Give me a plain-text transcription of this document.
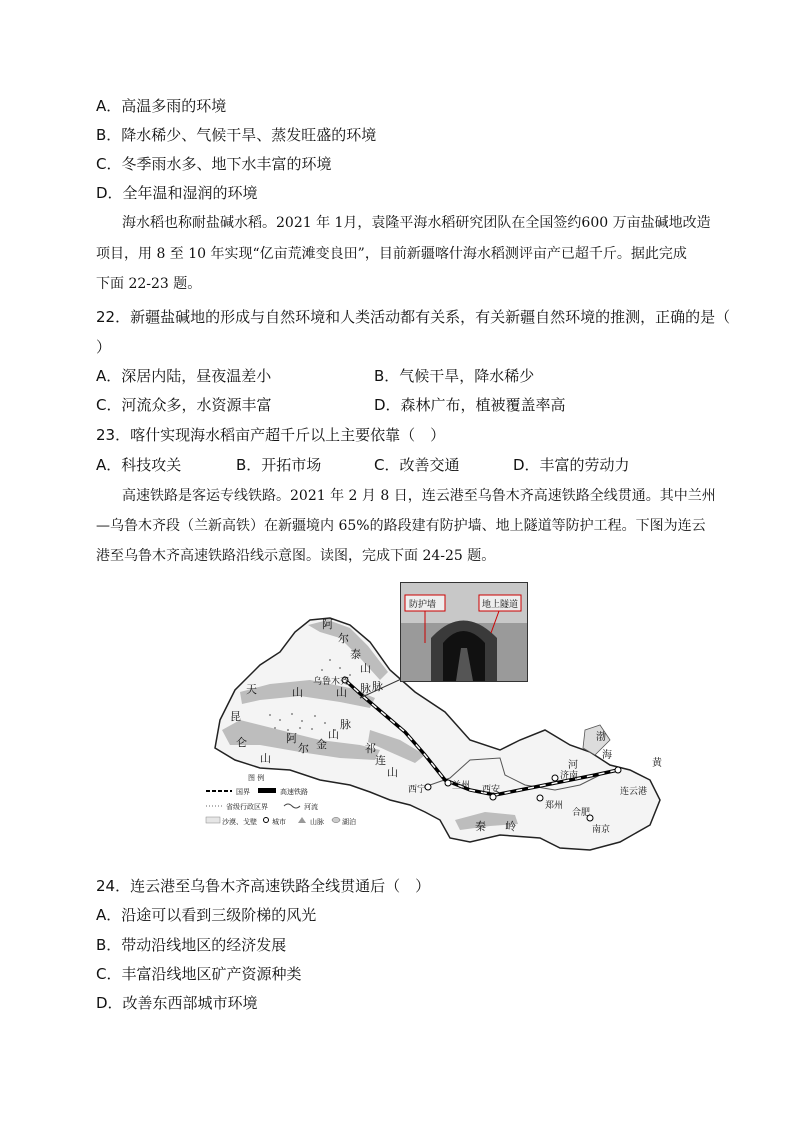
A．高温多雨的环境
B．降水稀少、气候干旱、蒸发旺盛的环境
C．冬季雨水多、地下水丰富的环境
D．全年温和湿润的环境
海水稻也称耐盐碱水稻。2021 年 1月，袁隆平海水稻研究团队在全国签约600 万亩盐碱地改造
项目，用 8 至 10 年实现“亿亩荒滩变良田”，目前新疆喀什海水稻测评亩产已超千斤。据此完成
下面 22-23 题。
22．新疆盐碱地的形成与自然环境和人类活动都有关系，有关新疆自然环境的推测，正确的是（
）
A．深居内陆，昼夜温差小	B．气候干旱，降水稀少
C．河流众多，水资源丰富	D．森林广布，植被覆盖率高
23．喀什实现海水稻亩产超千斤以上主要依靠（　）
A．科技攻关	B．开拓市场	C．改善交通	D．丰富的劳动力
高速铁路是客运专线铁路。2021 年 2 月 8 日，连云港至乌鲁木齐高速铁路全线贯通。其中兰州
—乌鲁木齐段（兰新高铁）在新疆境内 65%的路段建有防护墙、地上隧道等防护工程。下图为连云
港至乌鲁木齐高速铁路沿线示意图。读图，完成下面 24-25 题。
阿
尔
泰
山
脉
天	山	山 脉
昆
仑
山
阿
尔 金
山
脉
祁
连
山
秦 岭
乌鲁木齐
西宁	兰州 西安
郑州
济南
合肥
南京
连云港
渤
海
黄
河
图 例
国界	高速铁路
省级行政区界	河流
沙漠、戈壁 城市	山脉	湖泊
防护墙	地上隧道
24．连云港至乌鲁木齐高速铁路全线贯通后（　）
A．沿途可以看到三级阶梯的风光
B．带动沿线地区的经济发展
C．丰富沿线地区矿产资源种类
D．改善东西部城市环境
